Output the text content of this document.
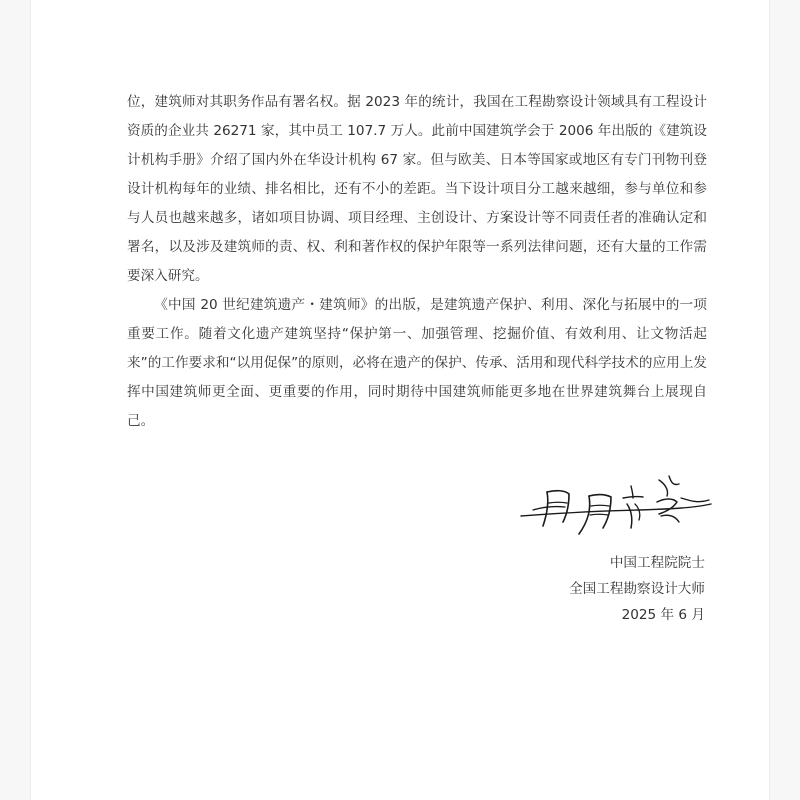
位，建筑师对其职务作品有署名权。据 2023 年的统计，我国在工程勘察设计领域具有工程设计资质的企业共 26271 家，其中员工 107.7 万人。此前中国建筑学会于 2006 年出版的《建筑设计机构手册》介绍了国内外在华设计机构 67 家。但与欧美、日本等国家或地区有专门刊物刊登设计机构每年的业绩、排名相比，还有不小的差距。当下设计项目分工越来越细，参与单位和参与人员也越来越多，诸如项目协调、项目经理、主创设计、方案设计等不同责任者的准确认定和署名，以及涉及建筑师的责、权、利和著作权的保护年限等一系列法律问题，还有大量的工作需要深入研究。

《中国 20 世纪建筑遗产・建筑师》的出版，是建筑遗产保护、利用、深化与拓展中的一项重要工作。随着文化遗产建筑坚持“保护第一、加强管理、挖掘价值、有效利用、让文物活起来”的工作要求和“以用促保”的原则，必将在遗产的保护、传承、活用和现代科学技术的应用上发挥中国建筑师更全面、更重要的作用，同时期待中国建筑师能更多地在世界建筑舞台上展现自己。

中国工程院院士
全国工程勘察设计大师
2025 年 6 月
